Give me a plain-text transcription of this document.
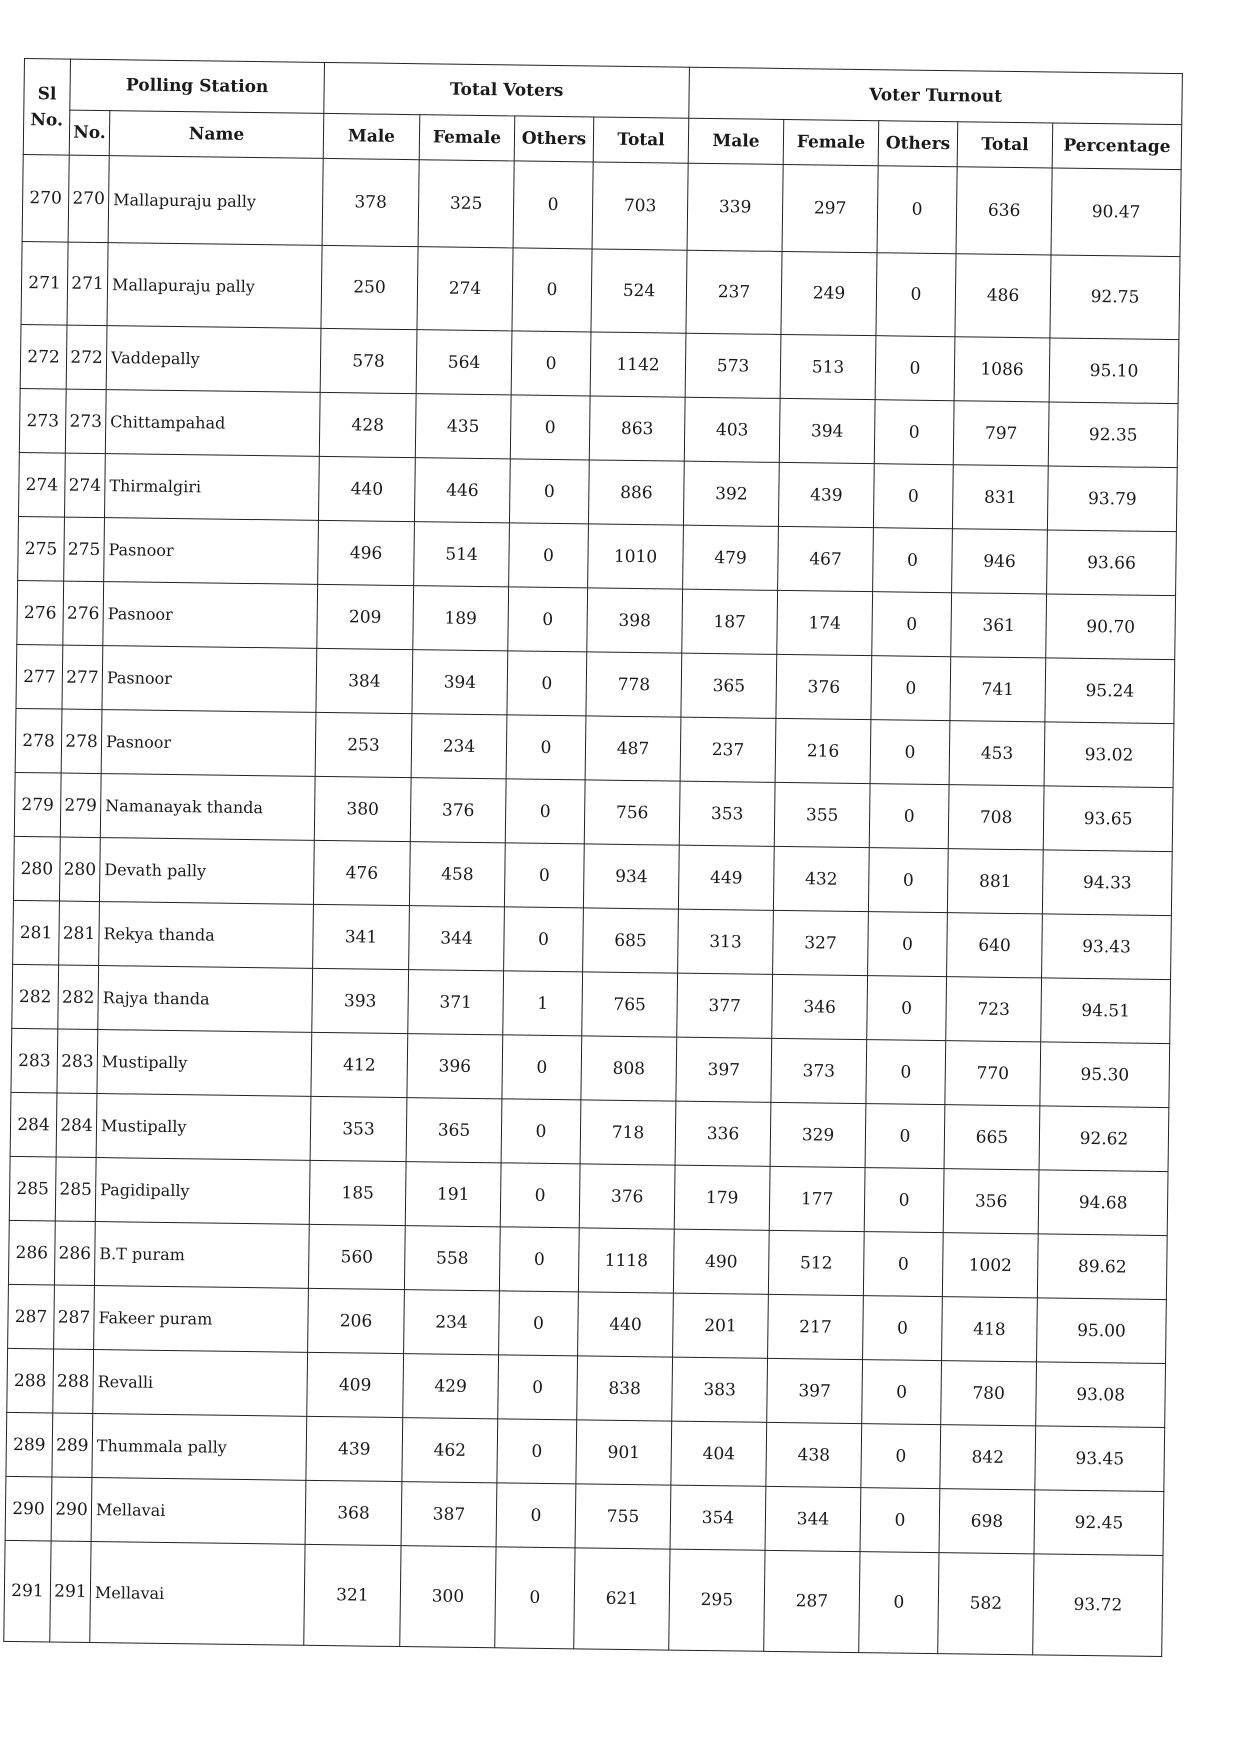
Sl No.	Polling Station		Total Voters				Voter Turnout				
	No.	Name	Male	Female	Others	Total	Male	Female	Others	Total	Percentage
270	270	Mallapuraju pally	378	325	0	703	339	297	0	636	90.47
271	271	Mallapuraju pally	250	274	0	524	237	249	0	486	92.75
272	272	Vaddepally	578	564	0	1142	573	513	0	1086	95.10
273	273	Chittampahad	428	435	0	863	403	394	0	797	92.35
274	274	Thirmalgiri	440	446	0	886	392	439	0	831	93.79
275	275	Pasnoor	496	514	0	1010	479	467	0	946	93.66
276	276	Pasnoor	209	189	0	398	187	174	0	361	90.70
277	277	Pasnoor	384	394	0	778	365	376	0	741	95.24
278	278	Pasnoor	253	234	0	487	237	216	0	453	93.02
279	279	Namanayak thanda	380	376	0	756	353	355	0	708	93.65
280	280	Devath pally	476	458	0	934	449	432	0	881	94.33
281	281	Rekya thanda	341	344	0	685	313	327	0	640	93.43
282	282	Rajya thanda	393	371	1	765	377	346	0	723	94.51
283	283	Mustipally	412	396	0	808	397	373	0	770	95.30
284	284	Mustipally	353	365	0	718	336	329	0	665	92.62
285	285	Pagidipally	185	191	0	376	179	177	0	356	94.68
286	286	B.T puram	560	558	0	1118	490	512	0	1002	89.62
287	287	Fakeer puram	206	234	0	440	201	217	0	418	95.00
288	288	Revalli	409	429	0	838	383	397	0	780	93.08
289	289	Thummala pally	439	462	0	901	404	438	0	842	93.45
290	290	Mellavai	368	387	0	755	354	344	0	698	92.45
291	291	Mellavai	321	300	0	621	295	287	0	582	93.72
